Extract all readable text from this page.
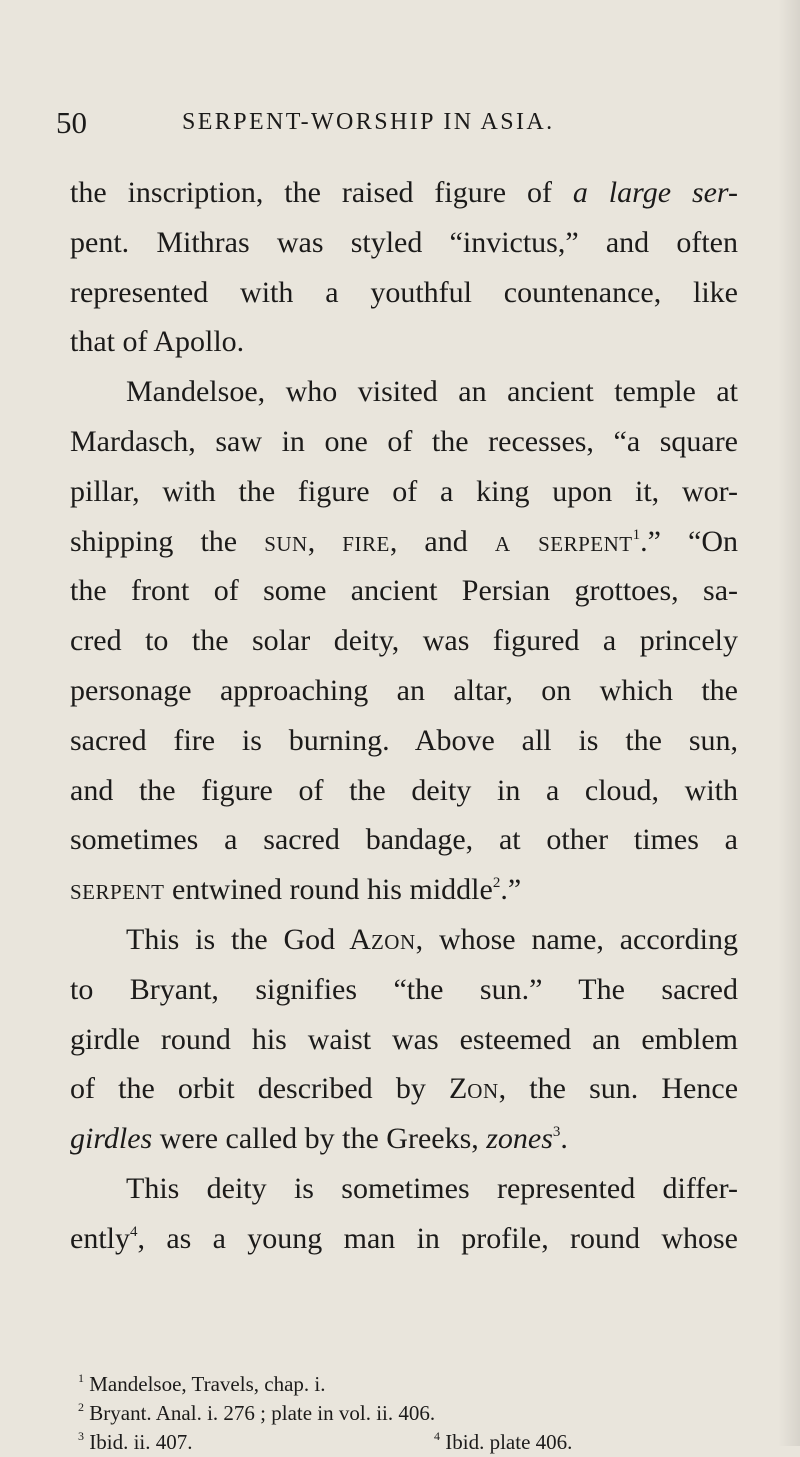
50	SERPENT-WORSHIP IN ASIA.
the inscription, the raised figure of a large ser-
pent. Mithras was styled “invictus,” and often
represented with a youthful countenance, like
that of Apollo.
Mandelsoe, who visited an ancient temple at
Mardasch, saw in one of the recesses, “a square
pillar, with the figure of a king upon it, wor-
shipping the sun, fire, and a serpent$^1$.” “On
the front of some ancient Persian grottoes, sa-
cred to the solar deity, was figured a princely
personage approaching an altar, on which the
sacred fire is burning. Above all is the sun,
and the figure of the deity in a cloud, with
sometimes a sacred bandage, at other times a
serpent entwined round his middle$^2$.”
This is the God Azon, whose name, according
to Bryant, signifies “the sun.” The sacred
girdle round his waist was esteemed an emblem
of the orbit described by Zon, the sun. Hence
girdles were called by the Greeks, zones$^3$.
This deity is sometimes represented differ-
ently$^4$, as a young man in profile, round whose
$^1$ Mandelsoe, Travels, chap. i.
$^2$ Bryant. Anal. i. 276 ; plate in vol. ii. 406.
$^3$ Ibid. ii. 407.	$^4$ Ibid. plate 406.
